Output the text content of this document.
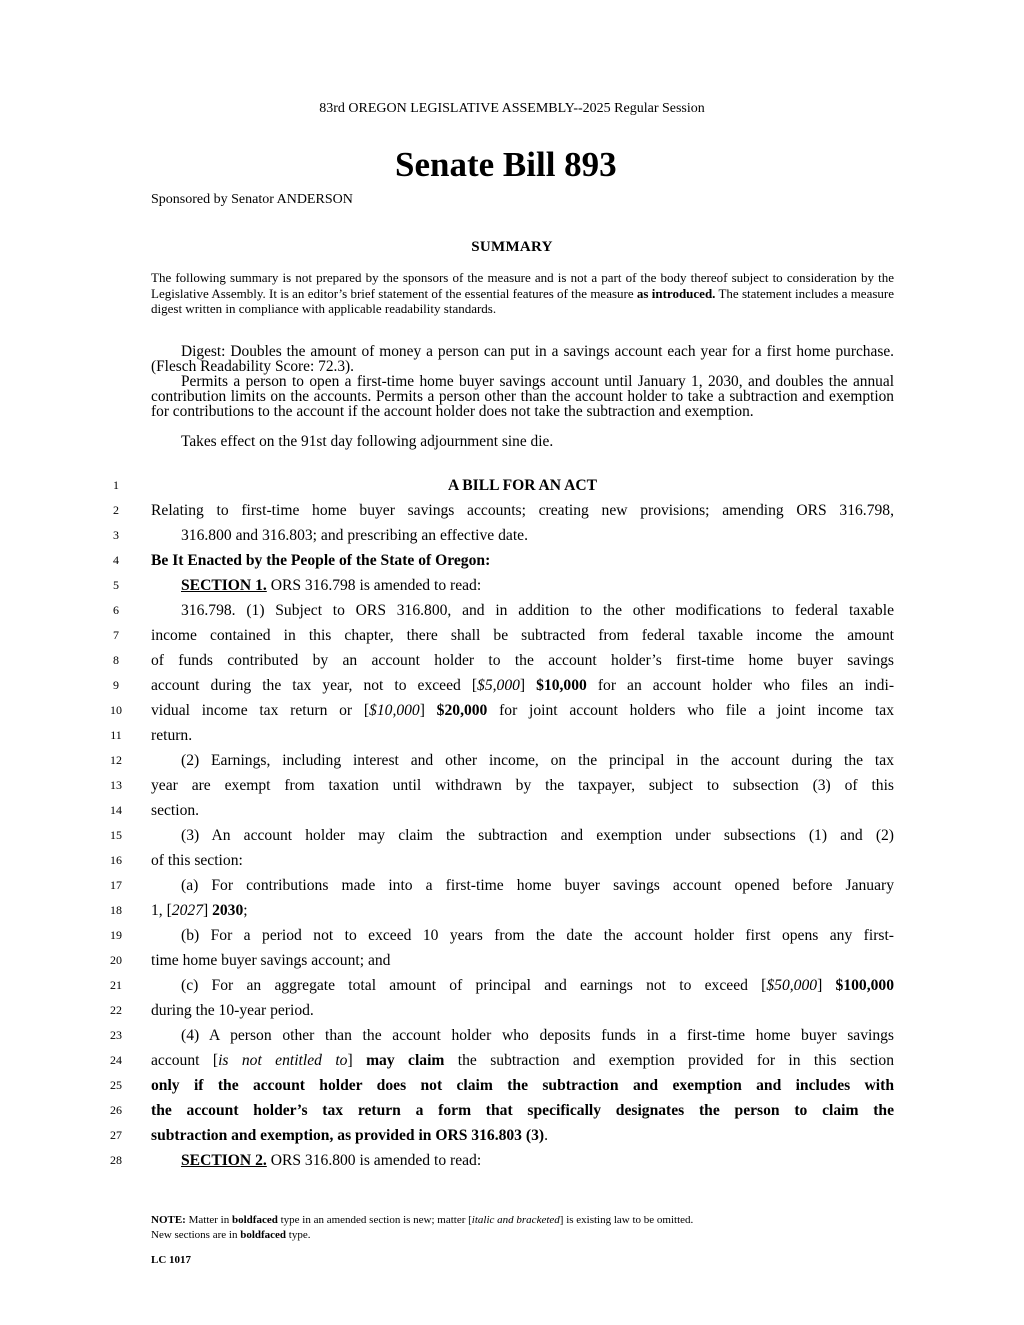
83rd OREGON LEGISLATIVE ASSEMBLY--2025 Regular Session

Senate Bill 893

Sponsored by Senator ANDERSON

SUMMARY

The following summary is not prepared by the sponsors of the measure and is not a part of the body thereof subject to consideration by the Legislative Assembly. It is an editor’s brief statement of the essential features of the measure as introduced. The statement includes a measure digest written in compliance with applicable readability standards.

Digest: Doubles the amount of money a person can put in a savings account each year for a first home purchase. (Flesch Readability Score: 72.3).

Permits a person to open a first-time home buyer savings account until January 1, 2030, and doubles the annual contribution limits on the accounts. Permits a person other than the account holder to take a subtraction and exemption for contributions to the account if the account holder does not take the subtraction and exemption.

Takes effect on the 91st day following adjournment sine die.

1
2
3
4
5
6
7
8
9
10
11
12
13
14
15
16
17
18
19
20
21
22
23
24
25
26
27
28
A BILL FOR AN ACT
Relating to first-time home buyer savings accounts; creating new provisions; amending ORS 316.798,
316.800 and 316.803; and prescribing an effective date.
Be It Enacted by the People of the State of Oregon:
SECTION 1. ORS 316.798 is amended to read:
316.798. (1) Subject to ORS 316.800, and in addition to the other modifications to federal taxable
income contained in this chapter, there shall be subtracted from federal taxable income the amount
of funds contributed by an account holder to the account holder’s first-time home buyer savings
account during the tax year, not to exceed [$5,000] $10,000 for an account holder who files an indi-
vidual income tax return or [$10,000] $20,000 for joint account holders who file a joint income tax
return.
(2) Earnings, including interest and other income, on the principal in the account during the tax
year are exempt from taxation until withdrawn by the taxpayer, subject to subsection (3) of this
section.
(3) An account holder may claim the subtraction and exemption under subsections (1) and (2)
of this section:
(a) For contributions made into a first-time home buyer savings account opened before January
1, [2027] 2030;
(b) For a period not to exceed 10 years from the date the account holder first opens any first-
time home buyer savings account; and
(c) For an aggregate total amount of principal and earnings not to exceed [$50,000] $100,000
during the 10-year period.
(4) A person other than the account holder who deposits funds in a first-time home buyer savings
account [is not entitled to] may claim the subtraction and exemption provided for in this section
only if the account holder does not claim the subtraction and exemption and includes with
the account holder’s tax return a form that specifically designates the person to claim the
subtraction and exemption, as provided in ORS 316.803 (3).
SECTION 2. ORS 316.800 is amended to read:

NOTE: Matter in boldfaced type in an amended section is new; matter [italic and bracketed] is existing law to be omitted.
New sections are in boldfaced type.

LC 1017
